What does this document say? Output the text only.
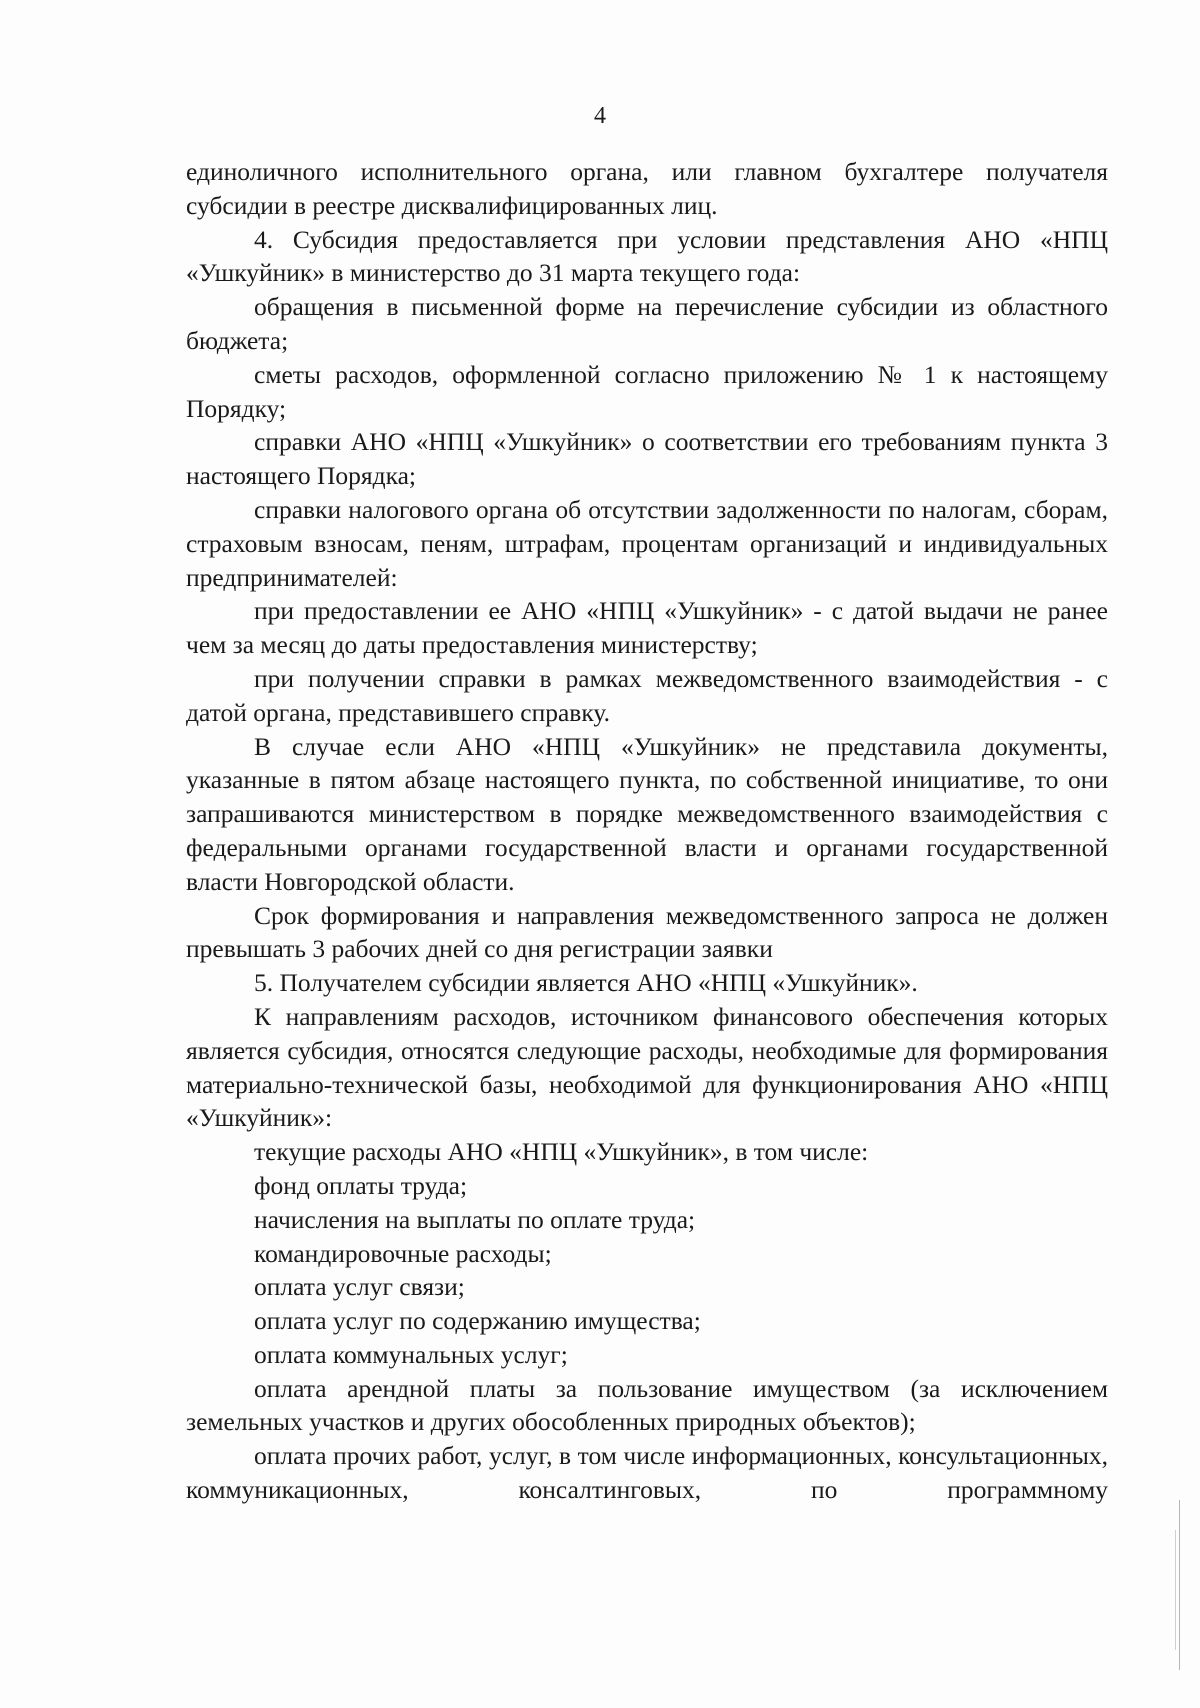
4

единоличного исполнительного органа, или главном бухгалтере получателя субсидии в реестре дисквалифицированных лиц.

4. Субсидия предоставляется при условии представления АНО «НПЦ «Ушкуйник» в министерство до 31 марта текущего года:

обращения в письменной форме на перечисление субсидии из областного бюджета;

сметы расходов, оформленной согласно приложению № 1 к настоящему Порядку;

справки АНО «НПЦ «Ушкуйник» о соответствии его требованиям пункта 3 настоящего Порядка;

справки налогового органа об отсутствии задолженности по налогам, сборам, страховым взносам, пеням, штрафам, процентам организаций и индивидуальных предпринимателей:

при предоставлении ее АНО «НПЦ «Ушкуйник» - с датой выдачи не ранее чем за месяц до даты предоставления министерству;

при получении справки в рамках межведомственного взаимодействия - с датой органа, представившего справку.

В случае если АНО «НПЦ «Ушкуйник» не представила документы, указанные в пятом абзаце настоящего пункта, по собственной инициативе, то они запрашиваются министерством в порядке межведомственного взаимодействия с федеральными органами государственной власти и органами государственной власти Новгородской области.

Срок формирования и направления межведомственного запроса не должен превышать 3 рабочих дней со дня регистрации заявки

5. Получателем субсидии является АНО «НПЦ «Ушкуйник».

К направлениям расходов, источником финансового обеспечения которых является субсидия, относятся следующие расходы, необходимые для формирования материально-технической базы, необходимой для функционирования АНО «НПЦ «Ушкуйник»:

текущие расходы АНО «НПЦ «Ушкуйник», в том числе:

фонд оплаты труда;

начисления на выплаты по оплате труда;

командировочные расходы;

оплата услуг связи;

оплата услуг по содержанию имущества;

оплата коммунальных услуг;

оплата арендной платы за пользование имуществом (за исключением земельных участков и других обособленных природных объектов);

оплата прочих работ, услуг, в том числе информационных, консультационных, коммуникационных, консалтинговых, по программному
